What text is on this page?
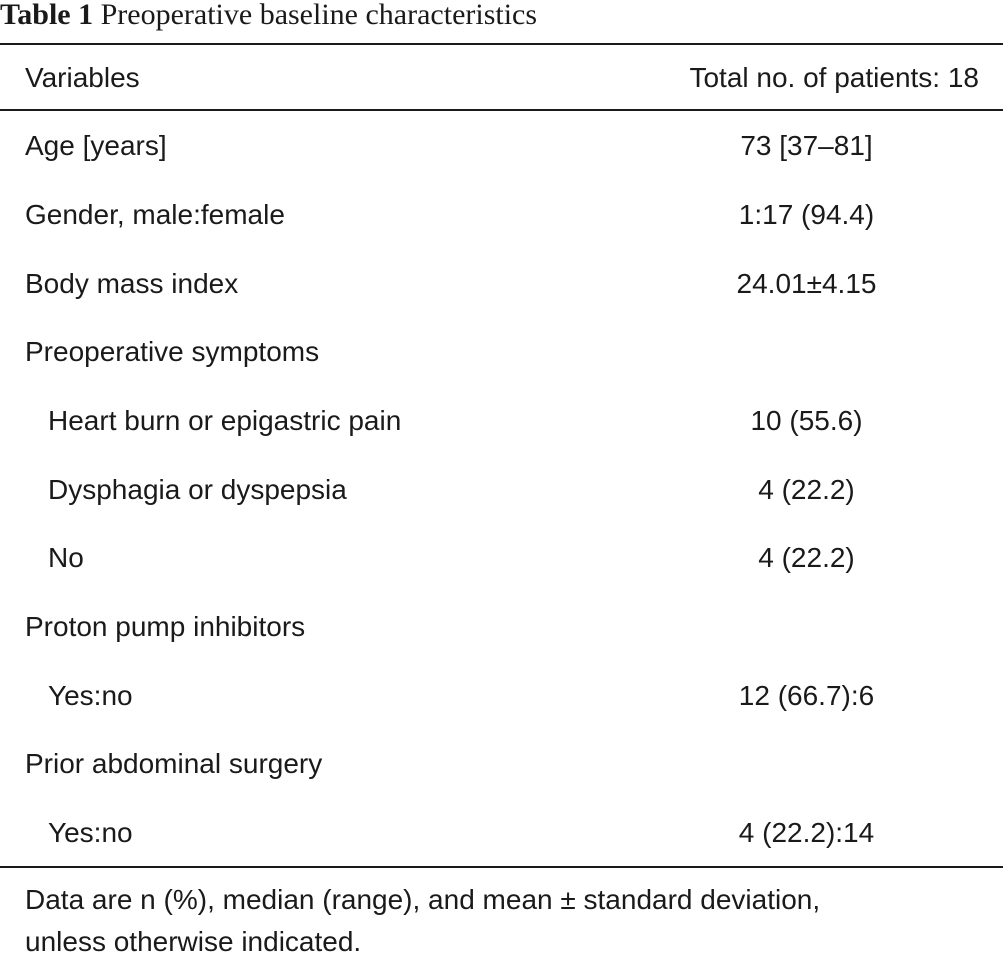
Table 1 Preoperative baseline characteristics
Variables	Total no. of patients: 18
Age [years]	73 [37–81]
Gender, male:female	1:17 (94.4)
Body mass index	24.01±4.15
Preoperative symptoms
Heart burn or epigastric pain	10 (55.6)
Dysphagia or dyspepsia	4 (22.2)
No	4 (22.2)
Proton pump inhibitors
Yes:no	12 (66.7):6
Prior abdominal surgery
Yes:no	4 (22.2):14
Data are n (%), median (range), and mean ± standard deviation,
unless otherwise indicated.
